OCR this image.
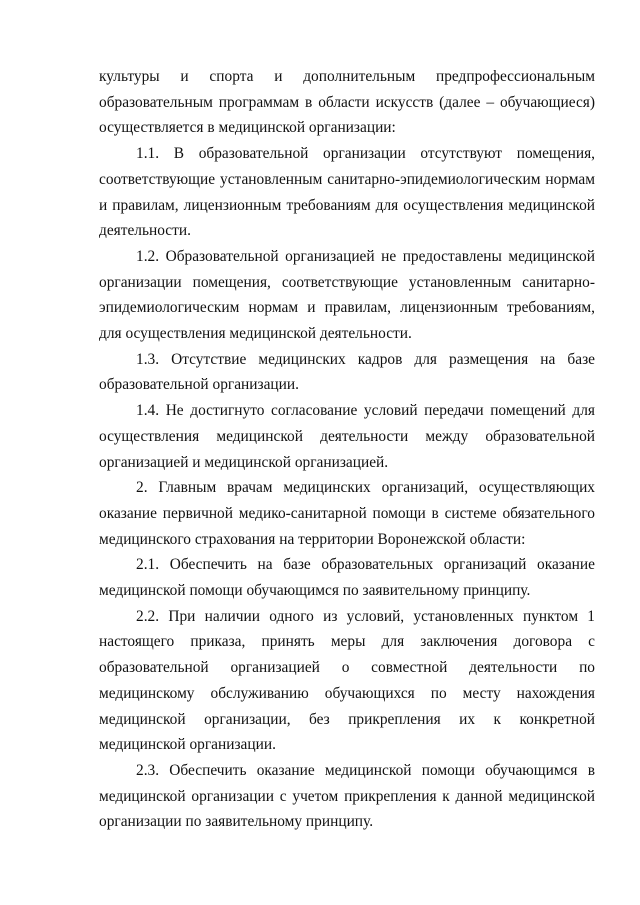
культуры и спорта и дополнительным предпрофессиональным образовательным программам в области искусств (далее – обучающиеся) осуществляется в медицинской организации:

1.1. В образовательной организации отсутствуют помещения, соответствующие установленным санитарно-эпидемиологическим нормам и правилам, лицензионным требованиям для осуществления медицинской деятельности.

1.2. Образовательной организацией не предоставлены медицинской организации помещения, соответствующие установленным санитарно-эпидемиологическим нормам и правилам, лицензионным требованиям, для осуществления медицинской деятельности.

1.3. Отсутствие медицинских кадров для размещения на базе образовательной организации.

1.4. Не достигнуто согласование условий передачи помещений для осуществления медицинской деятельности между образовательной организацией и медицинской организацией.

2. Главным врачам медицинских организаций, осуществляющих оказание первичной медико-санитарной помощи в системе обязательного медицинского страхования на территории Воронежской области:

2.1. Обеспечить на базе образовательных организаций оказание медицинской помощи обучающимся по заявительному принципу.

2.2. При наличии одного из условий, установленных пунктом 1 настоящего приказа, принять меры для заключения договора с образовательной организацией о совместной деятельности по медицинскому обслуживанию обучающихся по месту нахождения медицинской организации, без прикрепления их к конкретной медицинской организации.

2.3. Обеспечить оказание медицинской помощи обучающимся в медицинской организации с учетом прикрепления к данной медицинской организации по заявительному принципу.
